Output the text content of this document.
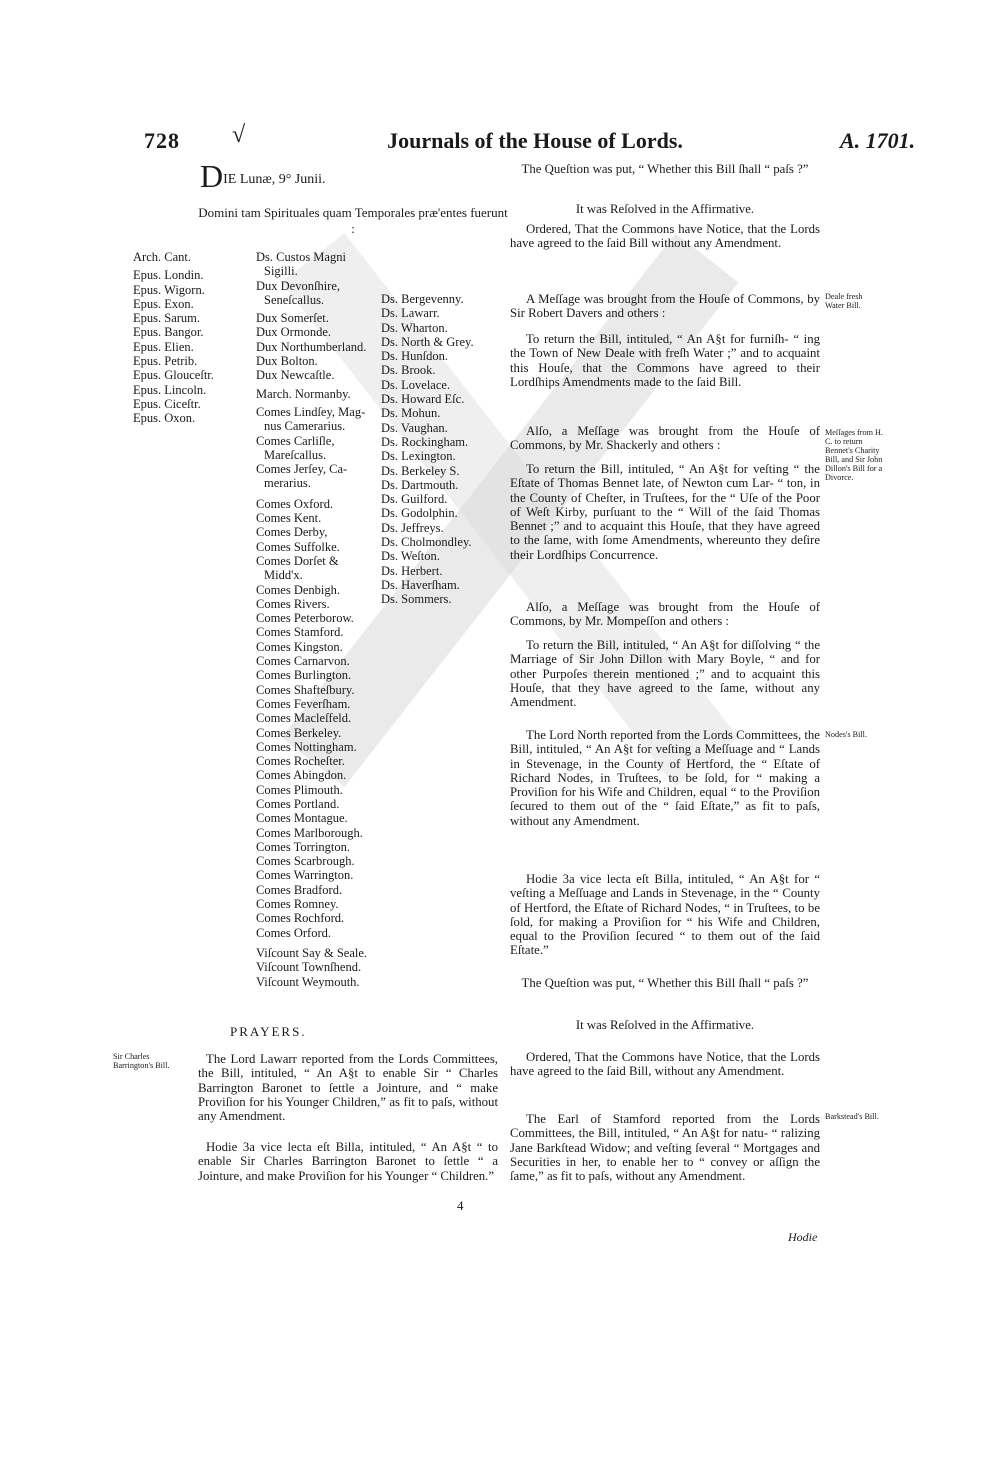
728 √	Journals of the House of Lords.	A. 1701.
DIE Lunæ, 9° Junii.
Domini tam Spirituales quam Temporales præ'entes fuerunt :
Arch. Cant.
Epus. Londin.
Epus. Wigorn.
Epus. Exon.
Epus. Sarum.
Epus. Bangor.
Epus. Elien.
Epus. Petrib.
Epus. Glouceſtr.
Epus. Lincoln.
Epus. Ciceſtr.
Epus. Oxon.
Ds. Custos Magni
Sigilli.
Dux Devonſhire,
Seneſcallus.
Dux Somerſet.
Dux Ormonde.
Dux Northumberland.
Dux Bolton.
Dux Newcaſtle.
March. Normanby.
Comes Lindſey, Mag-
nus Camerarius.
Comes Carliſle,
Mareſcallus.
Comes Jerſey, Ca-
merarius.
Comes Oxford.
Comes Kent.
Comes Derby,
Comes Suffolke.
Comes Dorſet &
Midd'x.
Comes Denbigh.
Comes Rivers.
Comes Peterborow.
Comes Stamford.
Comes Kingston.
Comes Carnarvon.
Comes Burlington.
Comes Shafteſbury.
Comes Feverſham.
Comes Macleſfeld.
Comes Berkeley.
Comes Nottingham.
Comes Rocheſter.
Comes Abingdon.
Comes Plimouth.
Comes Portland.
Comes Montague.
Comes Marlborough.
Comes Torrington.
Comes Scarbrough.
Comes Warrington.
Comes Bradford.
Comes Romney.
Comes Rochford.
Comes Orford.
Viſcount Say & Seale.
Viſcount Townſhend.
Viſcount Weymouth.
Ds. Bergevenny.
Ds. Lawarr.
Ds. Wharton.
Ds. North & Grey.
Ds. Hunſdon.
Ds. Brook.
Ds. Lovelace.
Ds. Howard Eſc.
Ds. Mohun.
Ds. Vaughan.
Ds. Rockingham.
Ds. Lexington.
Ds. Berkeley S.
Ds. Dartmouth.
Ds. Guilford.
Ds. Godolphin.
Ds. Jeffreys.
Ds. Cholmondley.
Ds. Weſton.
Ds. Herbert.
Ds. Haverſham.
Ds. Sommers.
PRAYERS.
Sir Charles Barrington's Bill.	The Lord Lawarr reported from the Lords Committees, the Bill, intituled, “ An A§t to enable Sir “ Charles Barrington Baronet to ſettle a Jointure, and “ make Proviſion for his Younger Children,” as fit to paſs, without any Amendment.
Hodie 3a vice lecta eſt Billa, intituled, “ An A§t “ to enable Sir Charles Barrington Baronet to ſettle “ a Jointure, and make Proviſion for his Younger “ Children.”
4
The Queſtion was put, “ Whether this Bill ſhall “ paſs ?”
It was Reſolved in the Affirmative.
Ordered, That the Commons have Notice, that the Lords have agreed to the ſaid Bill without any Amendment.
Deale fresh Water Bill.
A Meſſage was brought from the Houſe of Commons, by Sir Robert Davers and others :
To return the Bill, intituled, “ An A§t for furniſh- “ ing the Town of New Deale with freſh Water ;” and to acquaint this Houſe, that the Commons have agreed to their Lordſhips Amendments made to the ſaid Bill.
Meſſages from H. C. to return Bennet's Charity Bill, and Sir John Dillon's Bill for a Divorce.
Alſo, a Meſſage was brought from the Houſe of Commons, by Mr. Shackerly and others :
To return the Bill, intituled, “ An A§t for veſting “ the Eſtate of Thomas Bennet late, of Newton cum Lar- “ ton, in the County of Cheſter, in Truſtees, for the “ Uſe of the Poor of Weſt Kirby, purſuant to the “ Will of the ſaid Thomas Bennet ;” and to acquaint this Houſe, that they have agreed to the ſame, with ſome Amendments, whereunto they deſire their Lordſhips Concurrence.
Alſo, a Meſſage was brought from the Houſe of Commons, by Mr. Mompeſſon and others :
To return the Bill, intituled, “ An A§t for diſſolving “ the Marriage of Sir John Dillon with Mary Boyle, “ and for other Purpoſes therein mentioned ;” and to acquaint this Houſe, that they have agreed to the ſame, without any Amendment.
Nodes's Bill.
The Lord North reported from the Lords Committees, the Bill, intituled, “ An A§t for veſting a Meſſuage and “ Lands in Stevenage, in the County of Hertford, the “ Eſtate of Richard Nodes, in Truſtees, to be ſold, for “ making a Proviſion for his Wife and Children, equal “ to the Proviſion ſecured to them out of the “ ſaid Eſtate,” as fit to paſs, without any Amendment.
Hodie 3a vice lecta eſt Billa, intituled, “ An A§t for “ veſting a Meſſuage and Lands in Stevenage, in the “ County of Hertford, the Eſtate of Richard Nodes, “ in Truſtees, to be ſold, for making a Proviſion for “ his Wife and Children, equal to the Proviſion ſecured “ to them out of the ſaid Eſtate.”
The Queſtion was put, “ Whether this Bill ſhall “ paſs ?”
It was Reſolved in the Affirmative.
Ordered, That the Commons have Notice, that the Lords have agreed to the ſaid Bill, without any Amendment.
Barkstead's Bill.
The Earl of Stamford reported from the Lords Committees, the Bill, intituled, “ An A§t for natu- “ ralizing Jane Barkſtead Widow; and veſting ſeveral “ Mortgages and Securities in her, to enable her to “ convey or aſſign the ſame,” as fit to paſs, without any Amendment.
Hodie
